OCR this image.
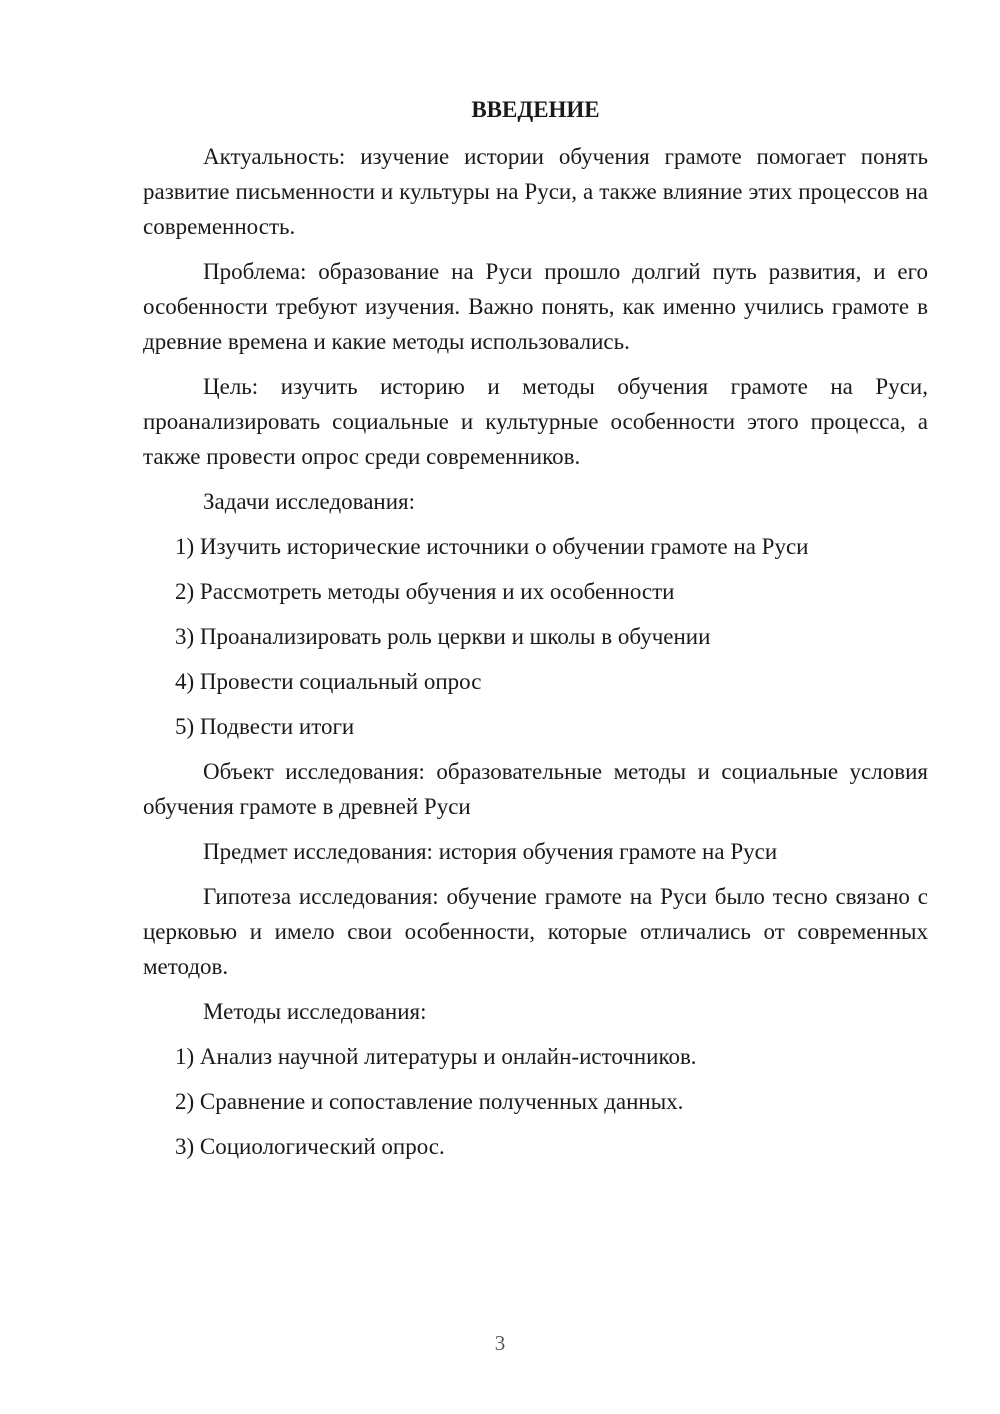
ВВЕДЕНИЕ

Актуальность: изучение истории обучения грамоте помогает понять развитие письменности и культуры на Руси, а также влияние этих процессов на современность.

Проблема: образование на Руси прошло долгий путь развития, и его особенности требуют изучения. Важно понять, как именно учились грамоте в древние времена и какие методы использовались.

Цель: изучить историю и методы обучения грамоте на Руси, проанализировать социальные и культурные особенности этого процесса, а также провести опрос среди современников.

Задачи исследования:

1) Изучить исторические источники о обучении грамоте на Руси
2) Рассмотреть методы обучения и их особенности
3) Проанализировать роль церкви и школы в обучении
4) Провести социальный опрос
5) Подвести итоги

Объект исследования: образовательные методы и социальные условия обучения грамоте в древней Руси

Предмет исследования: история обучения грамоте на Руси

Гипотеза исследования: обучение грамоте на Руси было тесно связано с церковью и имело свои особенности, которые отличались от современных методов.

Методы исследования:

1) Анализ научной литературы и онлайн-источников.
2) Сравнение и сопоставление полученных данных.
3) Социологический опрос.
3
